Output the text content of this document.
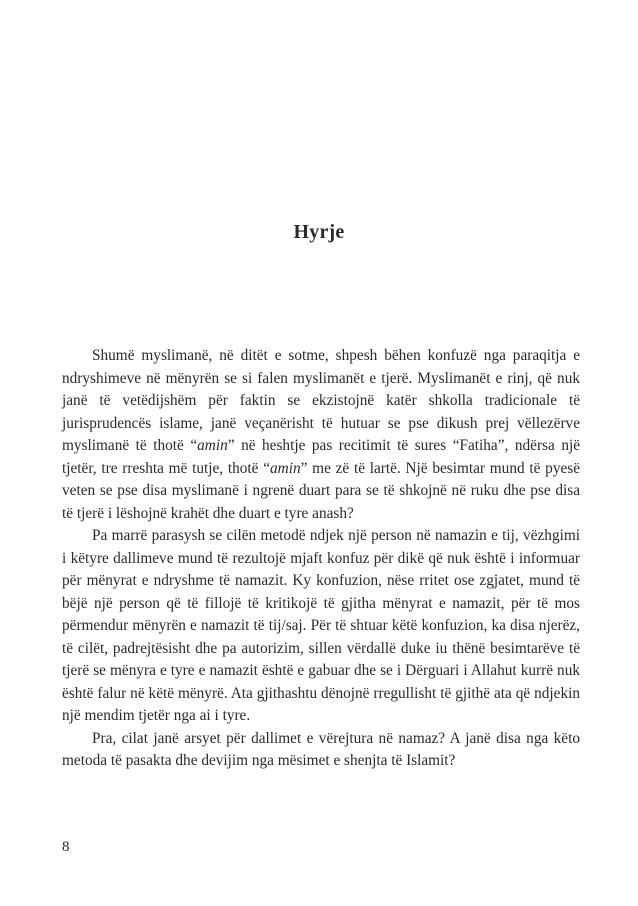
Hyrje

Shumë myslimanë, në ditët e sotme, shpesh bëhen konfuzë nga paraqitja e ndryshimeve në mënyrën se si falen myslimanët e tjerë. Myslimanët e rinj, që nuk janë të vetëdijshëm për faktin se ekzistojnë katër shkolla tradicionale të jurisprudencës islame, janë veçanërisht të hutuar se pse dikush prej vëllezërve myslimanë të thotë “amin” në heshtje pas recitimit të sures “Fatiha”, ndërsa një tjetër, tre rreshta më tutje, thotë “amin” me zë të lartë. Një besimtar mund të pyesë veten se pse disa myslimanë i ngrenë duart para se të shkojnë në ruku dhe pse disa të tjerë i lëshojnë krahët dhe duart e tyre anash?

Pa marrë parasysh se cilën metodë ndjek një person në namazin e tij, vëzhgimi i këtyre dallimeve mund të rezultojë mjaft konfuz për dikë që nuk është i informuar për mënyrat e ndryshme të namazit. Ky konfuzion, nëse rritet ose zgjatet, mund të bëjë një person që të fillojë të kritikojë të gjitha mënyrat e namazit, për të mos përmendur mënyrën e namazit të tij/saj. Për të shtuar këtë konfuzion, ka disa njerëz, të cilët, padrejtësisht dhe pa autorizim, sillen vërdallë duke iu thënë besimtarëve të tjerë se mënyra e tyre e namazit është e gabuar dhe se i Dërguari i Allahut kurrë nuk është falur në këtë mënyrë. Ata gjithashtu dënojnë rregullisht të gjithë ata që ndjekin një mendim tjetër nga ai i tyre.

Pra, cilat janë arsyet për dallimet e vërejtura në namaz? A janë disa nga këto metoda të pasakta dhe devijim nga mësimet e shenjta të Islamit?

8
